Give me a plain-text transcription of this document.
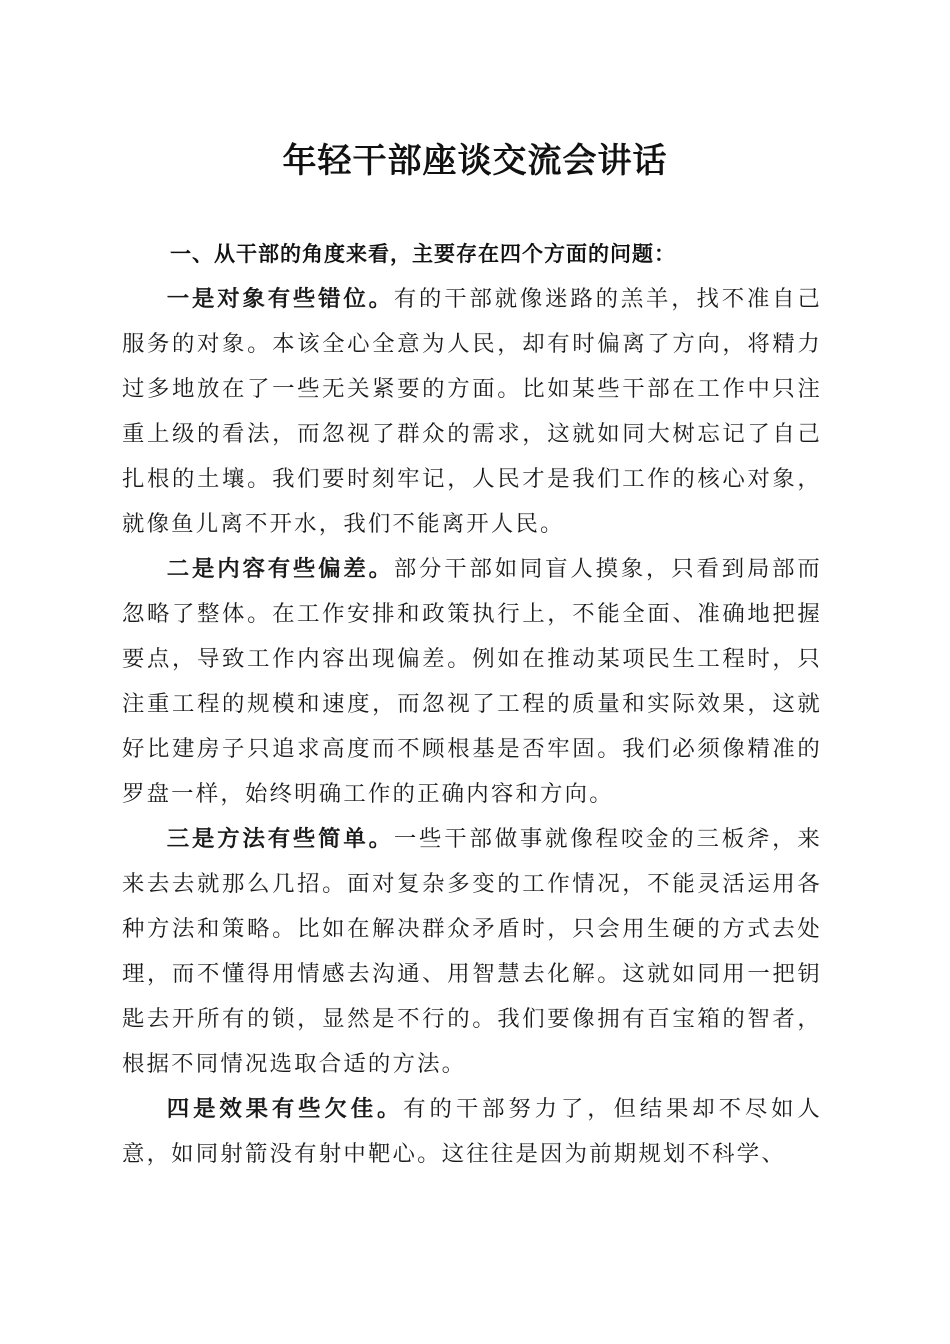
年轻干部座谈交流会讲话
一、从干部的角度来看，主要存在四个方面的问题：

一是对象有些错位。有的干部就像迷路的羔羊，找不准自己服务的对象。本该全心全意为人民，却有时偏离了方向，将精力过多地放在了一些无关紧要的方面。比如某些干部在工作中只注重上级的看法，而忽视了群众的需求，这就如同大树忘记了自己扎根的土壤。我们要时刻牢记，人民才是我们工作的核心对象，就像鱼儿离不开水，我们不能离开人民。

二是内容有些偏差。部分干部如同盲人摸象，只看到局部而忽略了整体。在工作安排和政策执行上，不能全面、准确地把握要点，导致工作内容出现偏差。例如在推动某项民生工程时，只注重工程的规模和速度，而忽视了工程的质量和实际效果，这就好比建房子只追求高度而不顾根基是否牢固。我们必须像精准的罗盘一样，始终明确工作的正确内容和方向。

三是方法有些简单。一些干部做事就像程咬金的三板斧，来来去去就那么几招。面对复杂多变的工作情况，不能灵活运用各种方法和策略。比如在解决群众矛盾时，只会用生硬的方式去处理，而不懂得用情感去沟通、用智慧去化解。这就如同用一把钥匙去开所有的锁，显然是不行的。我们要像拥有百宝箱的智者，根据不同情况选取合适的方法。

四是效果有些欠佳。有的干部努力了，但结果却不尽如人意，如同射箭没有射中靶心。这往往是因为前期规划不科学、
